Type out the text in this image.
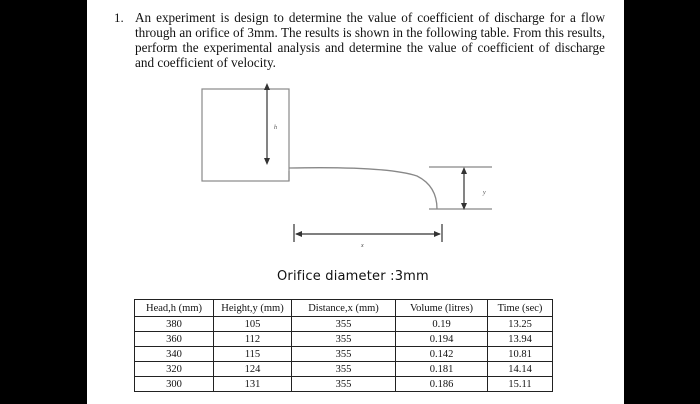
1. An experiment is design to determine the value of coefficient of discharge for a flow through an orifice of 3mm. The results is shown in the following table. From this results, perform the experimental analysis and determine the value of coefficient of discharge and coefficient of velocity.

h
y
x
Orifice diameter :3mm
Head,h (mm)	Height,y (mm)	Distance,x (mm)	Volume (litres)	Time (sec)
380	105	355	0.19	13.25
360	112	355	0.194	13.94
340	115	355	0.142	10.81
320	124	355	0.181	14.14
300	131	355	0.186	15.11
